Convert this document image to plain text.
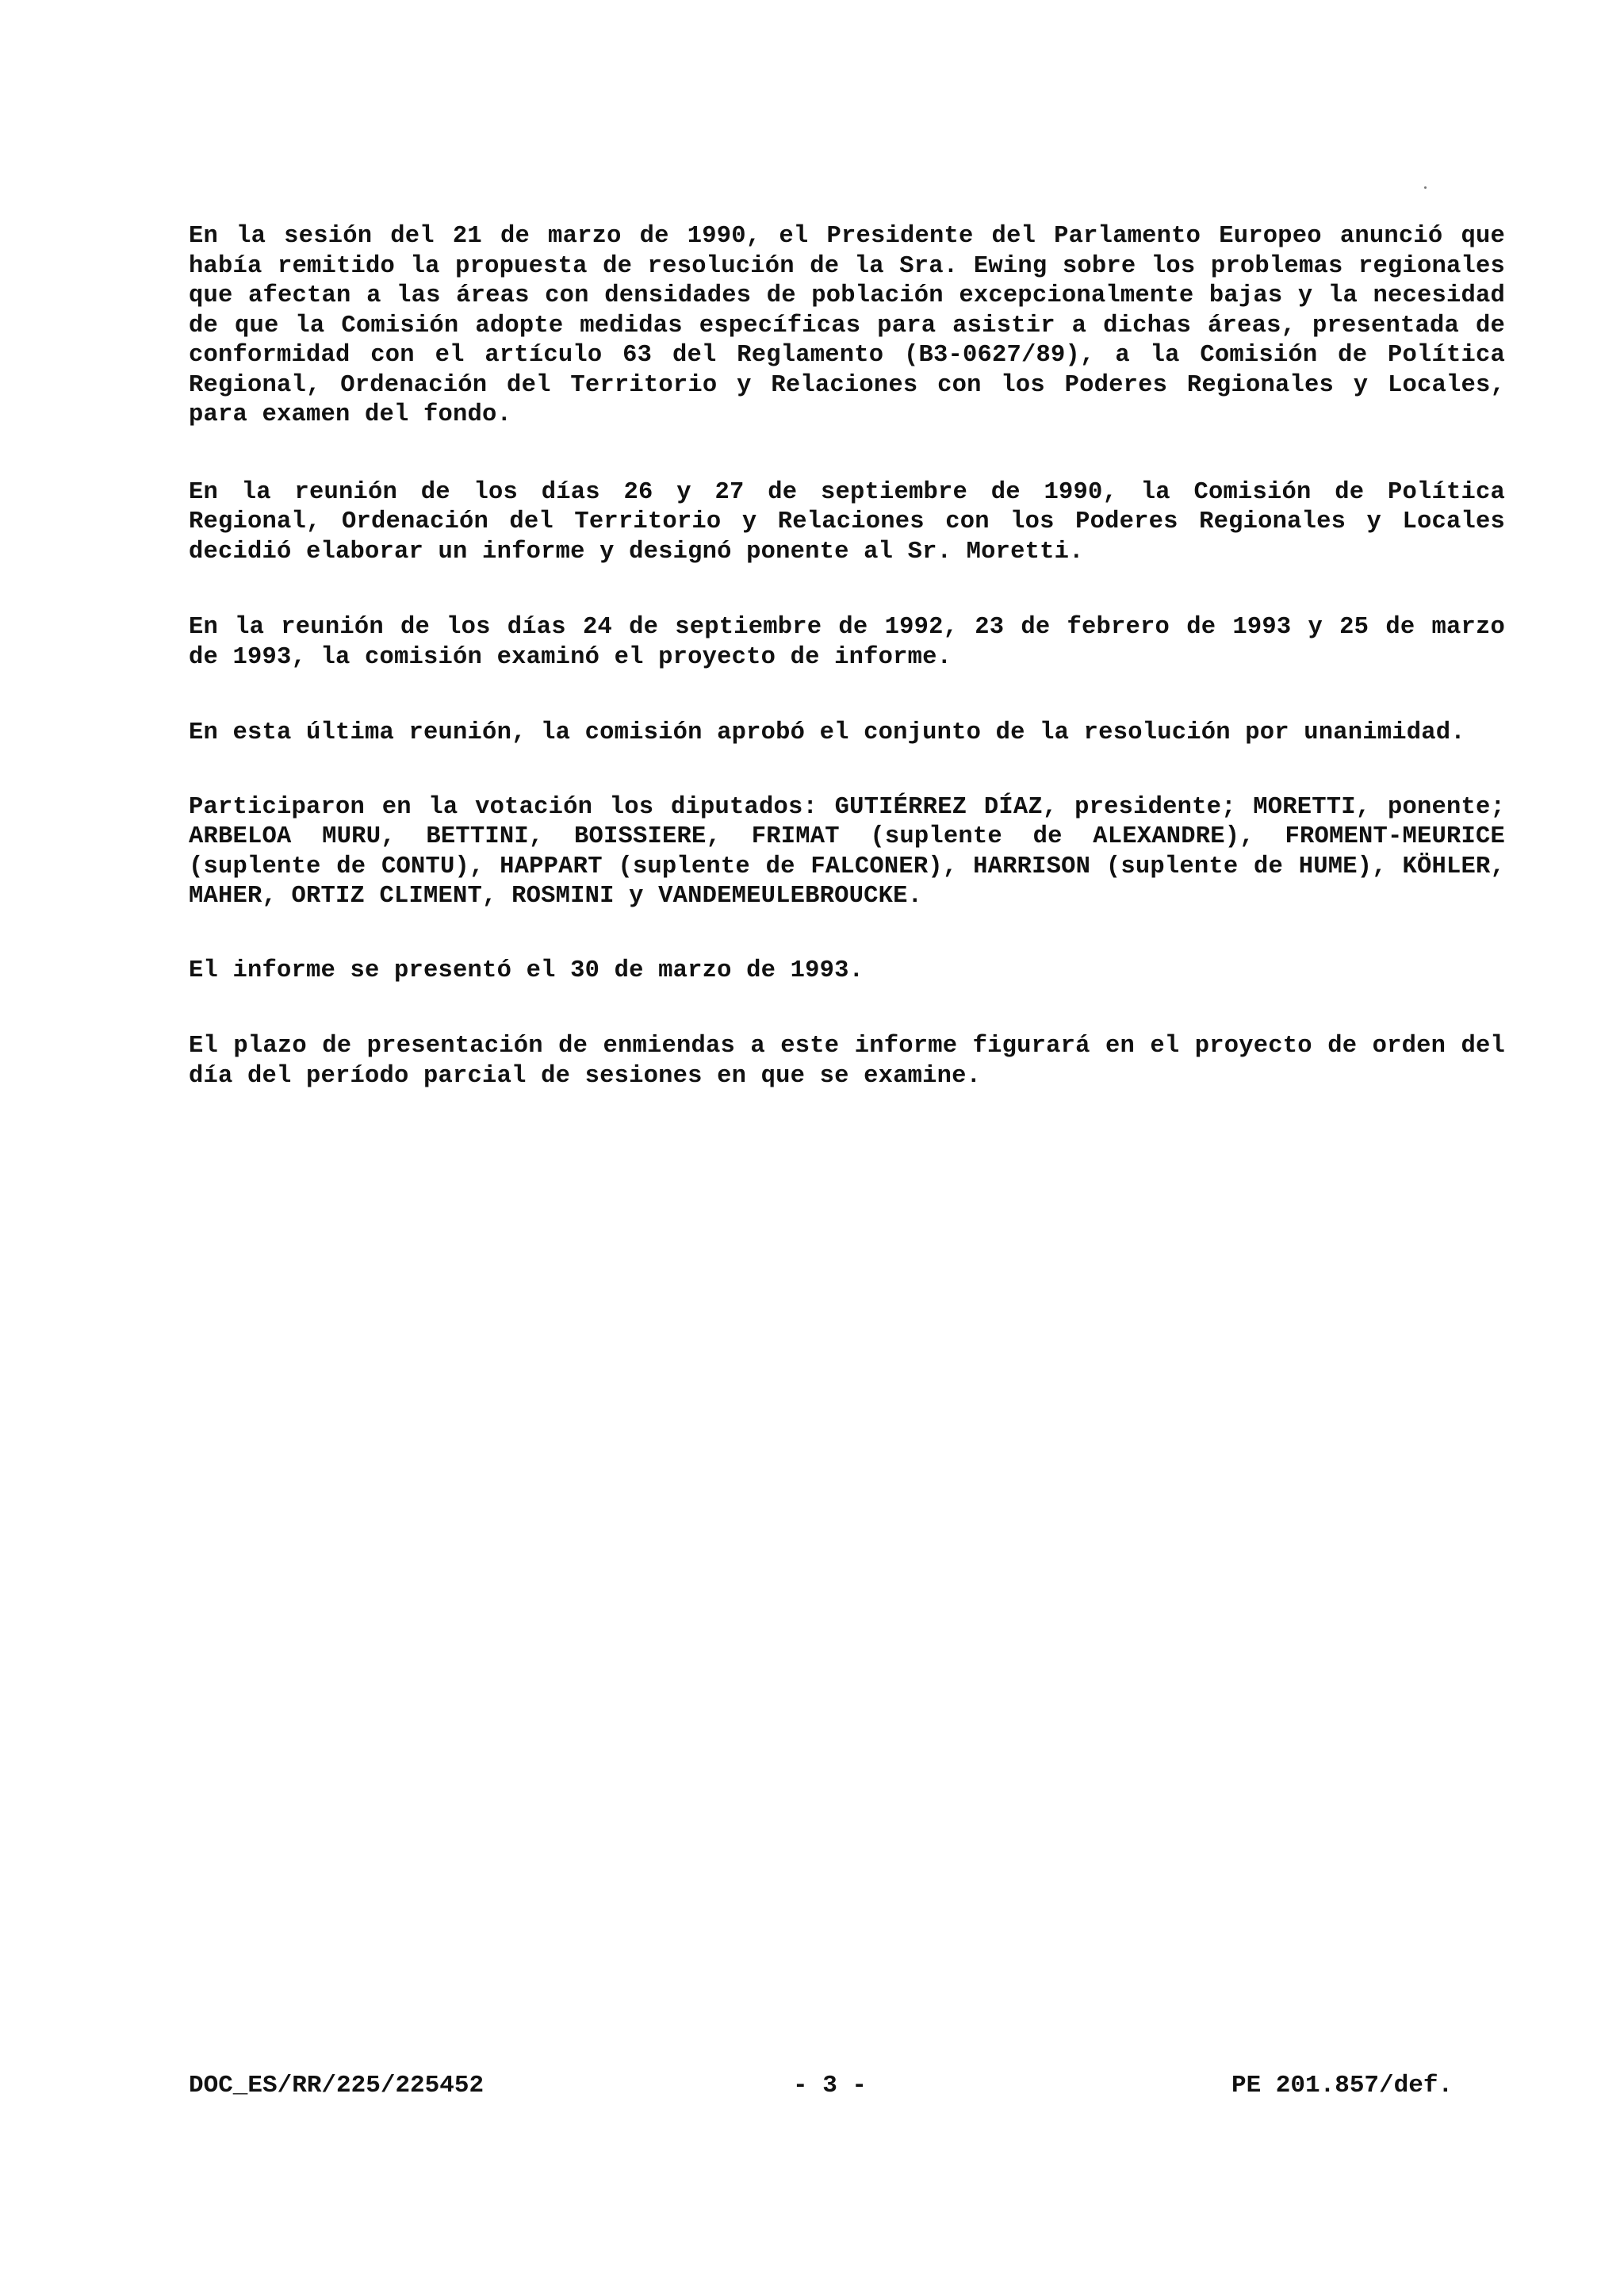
En la sesión del 21 de marzo de 1990, el Presidente del Parlamento Europeo anunció que había remitido la propuesta de resolución de la Sra. Ewing sobre los problemas regionales que afectan a las áreas con densidades de población excepcionalmente bajas y la necesidad de que la Comisión adopte medidas específicas para asistir a dichas áreas, presentada de conformidad con el artículo 63 del Reglamento (B3-0627/89), a la Comisión de Política Regional, Ordenación del Territorio y Relaciones con los Poderes Regionales y Locales, para examen del fondo.

En la reunión de los días 26 y 27 de septiembre de 1990, la Comisión de Política Regional, Ordenación del Territorio y Relaciones con los Poderes Regionales y Locales decidió elaborar un informe y designó ponente al Sr. Moretti.

En la reunión de los días 24 de septiembre de 1992, 23 de febrero de 1993 y 25 de marzo de 1993, la comisión examinó el proyecto de informe.

En esta última reunión, la comisión aprobó el conjunto de la resolución por unanimidad.

Participaron en la votación los diputados: GUTIÉRREZ DÍAZ, presidente; MORETTI, ponente; ARBELOA MURU, BETTINI, BOISSIERE, FRIMAT (suplente de ALEXANDRE), FROMENT-MEURICE (suplente de CONTU), HAPPART (suplente de FALCONER), HARRISON (suplente de HUME), KÖHLER, MAHER, ORTIZ CLIMENT, ROSMINI y VANDEMEULEBROUCKE.

El informe se presentó el 30 de marzo de 1993.

El plazo de presentación de enmiendas a este informe figurará en el proyecto de orden del día del período parcial de sesiones en que se examine.

DOC_ES/RR/225/225452	- 3 -	PE 201.857/def.
